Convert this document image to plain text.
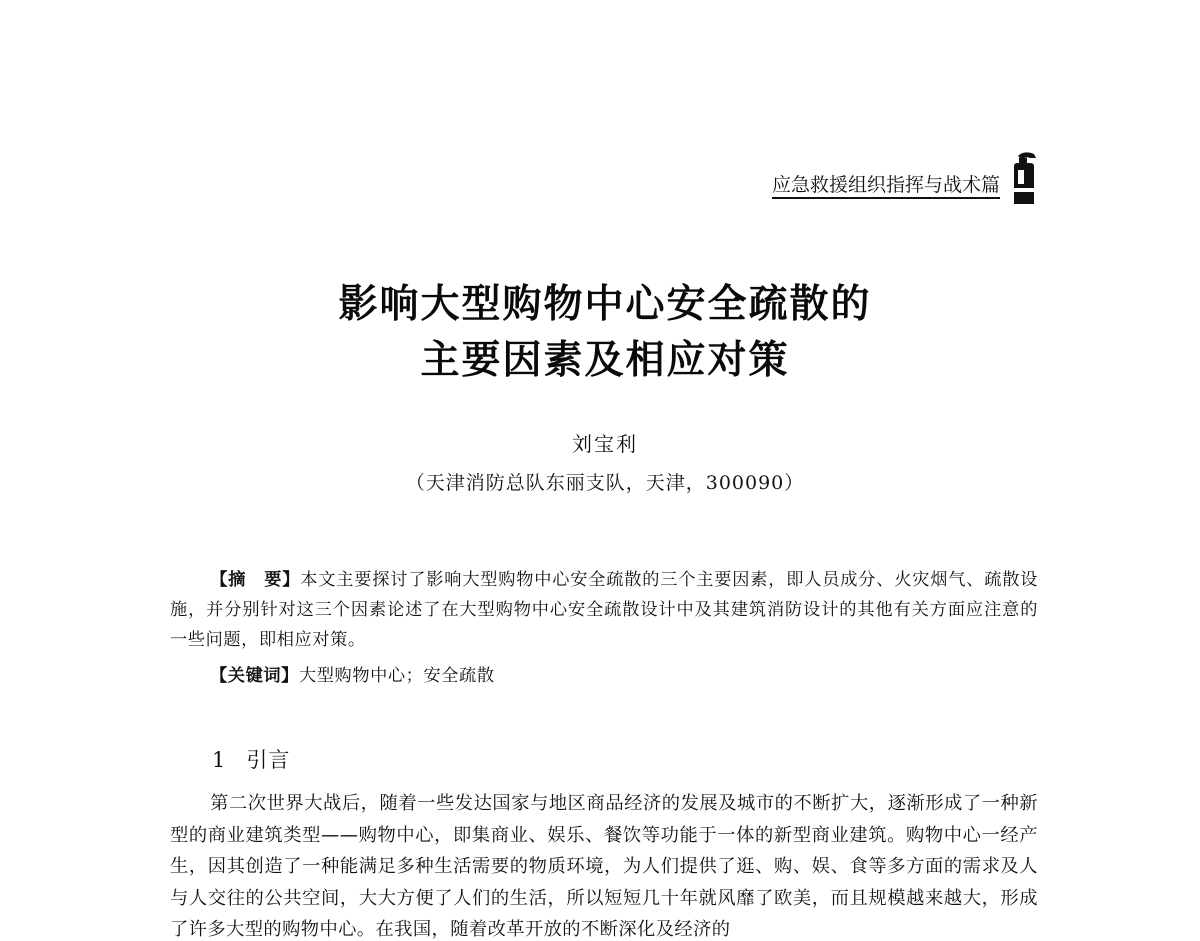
应急救援组织指挥与战术篇
影响大型购物中心安全疏散的
主要因素及相应对策
刘宝利
（天津消防总队东丽支队，天津，300090）
【摘　要】本文主要探讨了影响大型购物中心安全疏散的三个主要因素，即人员成分、火灾烟气、疏散设施，并分别针对这三个因素论述了在大型购物中心安全疏散设计中及其建筑消防设计的其他有关方面应注意的一些问题，即相应对策。
【关键词】大型购物中心；安全疏散
1 引言
第二次世界大战后，随着一些发达国家与地区商品经济的发展及城市的不断扩大，逐渐形成了一种新型的商业建筑类型——购物中心，即集商业、娱乐、餐饮等功能于一体的新型商业建筑。购物中心一经产生，因其创造了一种能满足多种生活需要的物质环境，为人们提供了逛、购、娱、食等多方面的需求及人与人交往的公共空间，大大方便了人们的生活，所以短短几十年就风靡了欧美，而且规模越来越大，形成了许多大型的购物中心。在我国，随着改革开放的不断深化及经济的
